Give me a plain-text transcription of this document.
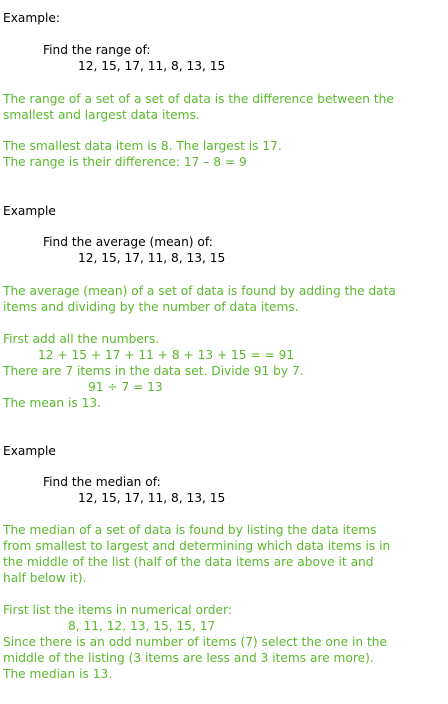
Example:
Find the range of:
12, 15, 17, 11, 8, 13, 15
The range of a set of a set of data is the difference between the
smallest and largest data items.
The smallest data item is 8. The largest is 17.
The range is their difference: 17 – 8 = 9
Example
Find the average (mean) of:
12, 15, 17, 11, 8, 13, 15
The average (mean) of a set of data is found by adding the data
items and dividing by the number of data items.
First add all the numbers.
12 + 15 + 17 + 11 + 8 + 13 + 15 = = 91
There are 7 items in the data set. Divide 91 by 7.
91 ÷ 7 = 13
The mean is 13.
Example
Find the median of:
12, 15, 17, 11, 8, 13, 15
The median of a set of data is found by listing the data items
from smallest to largest and determining which data items is in
the middle of the list (half of the data items are above it and
half below it).
First list the items in numerical order:
8, 11, 12, 13, 15, 15, 17
Since there is an odd number of items (7) select the one in the
middle of the listing (3 items are less and 3 items are more).
The median is 13.
